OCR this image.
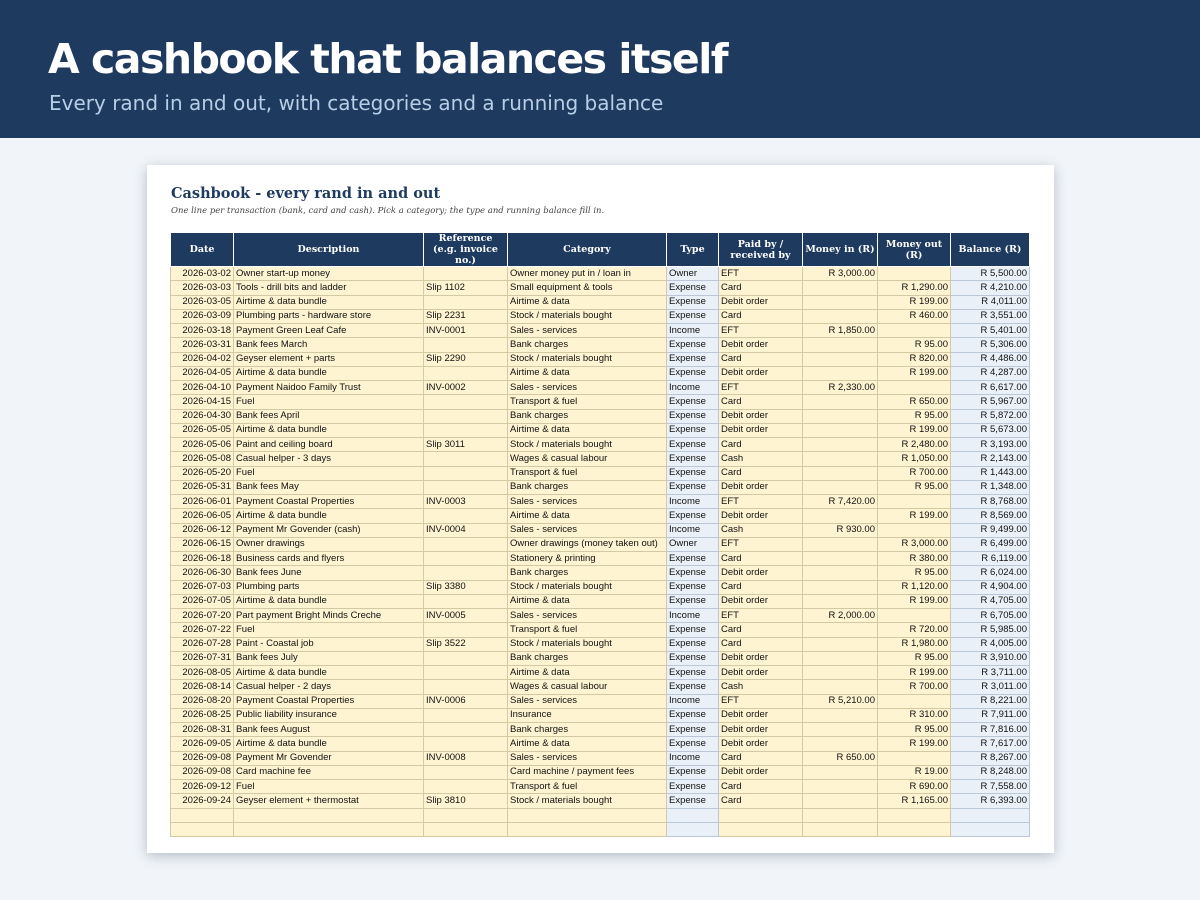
A cashbook that balances itself
Every rand in and out, with categories and a running balance
Cashbook - every rand in and out
One line per transaction (bank, card and cash). Pick a category; the type and running balance fill in.
Date	Description	Reference (e.g. invoice no.)	Category	Type	Paid by / received by	Money in (R)	Money out (R)	Balance (R)
2026-03-02	Owner start-up money		Owner money put in / loan in	Owner	EFT	R 3,000.00		R 5,500.00
2026-03-03	Tools - drill bits and ladder	Slip 1102	Small equipment & tools	Expense	Card		R 1,290.00	R 4,210.00
2026-03-05	Airtime & data bundle		Airtime & data	Expense	Debit order		R 199.00	R 4,011.00
2026-03-09	Plumbing parts - hardware store	Slip 2231	Stock / materials bought	Expense	Card		R 460.00	R 3,551.00
2026-03-18	Payment Green Leaf Cafe	INV-0001	Sales - services	Income	EFT	R 1,850.00		R 5,401.00
2026-03-31	Bank fees March		Bank charges	Expense	Debit order		R 95.00	R 5,306.00
2026-04-02	Geyser element + parts	Slip 2290	Stock / materials bought	Expense	Card		R 820.00	R 4,486.00
2026-04-05	Airtime & data bundle		Airtime & data	Expense	Debit order		R 199.00	R 4,287.00
2026-04-10	Payment Naidoo Family Trust	INV-0002	Sales - services	Income	EFT	R 2,330.00		R 6,617.00
2026-04-15	Fuel		Transport & fuel	Expense	Card		R 650.00	R 5,967.00
2026-04-30	Bank fees April		Bank charges	Expense	Debit order		R 95.00	R 5,872.00
2026-05-05	Airtime & data bundle		Airtime & data	Expense	Debit order		R 199.00	R 5,673.00
2026-05-06	Paint and ceiling board	Slip 3011	Stock / materials bought	Expense	Card		R 2,480.00	R 3,193.00
2026-05-08	Casual helper - 3 days		Wages & casual labour	Expense	Cash		R 1,050.00	R 2,143.00
2026-05-20	Fuel		Transport & fuel	Expense	Card		R 700.00	R 1,443.00
2026-05-31	Bank fees May		Bank charges	Expense	Debit order		R 95.00	R 1,348.00
2026-06-01	Payment Coastal Properties	INV-0003	Sales - services	Income	EFT	R 7,420.00		R 8,768.00
2026-06-05	Airtime & data bundle		Airtime & data	Expense	Debit order		R 199.00	R 8,569.00
2026-06-12	Payment Mr Govender (cash)	INV-0004	Sales - services	Income	Cash	R 930.00		R 9,499.00
2026-06-15	Owner drawings		Owner drawings (money taken out)	Owner	EFT		R 3,000.00	R 6,499.00
2026-06-18	Business cards and flyers		Stationery & printing	Expense	Card		R 380.00	R 6,119.00
2026-06-30	Bank fees June		Bank charges	Expense	Debit order		R 95.00	R 6,024.00
2026-07-03	Plumbing parts	Slip 3380	Stock / materials bought	Expense	Card		R 1,120.00	R 4,904.00
2026-07-05	Airtime & data bundle		Airtime & data	Expense	Debit order		R 199.00	R 4,705.00
2026-07-20	Part payment Bright Minds Creche	INV-0005	Sales - services	Income	EFT	R 2,000.00		R 6,705.00
2026-07-22	Fuel		Transport & fuel	Expense	Card		R 720.00	R 5,985.00
2026-07-28	Paint - Coastal job	Slip 3522	Stock / materials bought	Expense	Card		R 1,980.00	R 4,005.00
2026-07-31	Bank fees July		Bank charges	Expense	Debit order		R 95.00	R 3,910.00
2026-08-05	Airtime & data bundle		Airtime & data	Expense	Debit order		R 199.00	R 3,711.00
2026-08-14	Casual helper - 2 days		Wages & casual labour	Expense	Cash		R 700.00	R 3,011.00
2026-08-20	Payment Coastal Properties	INV-0006	Sales - services	Income	EFT	R 5,210.00		R 8,221.00
2026-08-25	Public liability insurance		Insurance	Expense	Debit order		R 310.00	R 7,911.00
2026-08-31	Bank fees August		Bank charges	Expense	Debit order		R 95.00	R 7,816.00
2026-09-05	Airtime & data bundle		Airtime & data	Expense	Debit order		R 199.00	R 7,617.00
2026-09-08	Payment Mr Govender	INV-0008	Sales - services	Income	Card	R 650.00		R 8,267.00
2026-09-08	Card machine fee		Card machine / payment fees	Expense	Debit order		R 19.00	R 8,248.00
2026-09-12	Fuel		Transport & fuel	Expense	Card		R 690.00	R 7,558.00
2026-09-24	Geyser element + thermostat	Slip 3810	Stock / materials bought	Expense	Card		R 1,165.00	R 6,393.00
